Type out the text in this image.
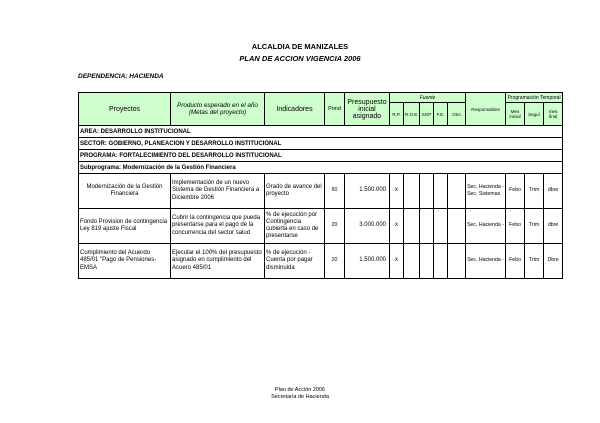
ALCALDIA DE MANIZALES
PLAN DE ACCION VIGENCIA 2006
DEPENDENCIA: HACIENDA
Proyectos	Producto esperado en el año (Metas del proyecto)	Indicadores	Pond	Presupuesto inicial asignado	Fuente					Responsables	Programación Temporal		
					R.P.	R.O.E.	SGP	F.E.	Otro		Mes inicial	Seguí	mes final
AREA: DESARROLLO INSTITUCIONAL													
SECTOR: GOBIERNO, PLANEACION Y DESARROLLO INSTITUCIONAL													
PROGRAMA: FORTALECIMIENTO DEL DESARROLLO INSTITUCIONAL													
Subprograma: Modernización de la Gestión Financiera													
Modernización de la Gestión Financiera	Implementación de un nuevo Sistema de Gestión Financiera a Diciembre 2006	Grado de avance del proyecto	60	1.500.000	x					Sec. Hacienda - Sec. Sistemas	Febo	Trim	dbre
Fondo Provision de contingencia Ley 819 ajuste Fiscal	Cubrir la contingencia que pueda presentarse para el pago de la concurrencia del sector salud	% de ejecución por Contingencia cubierta en caso de presentarse	20	3.000.000	x					Sec. Hacienda -	Febo	Trim	dbre
Cumplimiento del Acuerdo 485/01 "Pago de Pensiones-EMSA	Ejecutar el 100% del presupuesto asignado en cumplimiento del Acuero 485/01	% de ejecución - Cuenta por pagar disminuida	20	1.500.000	x					Sec. Hacienda -	Febo	Trim	Dbre
Plan de Acción 2006
Secretaría de Hacienda
